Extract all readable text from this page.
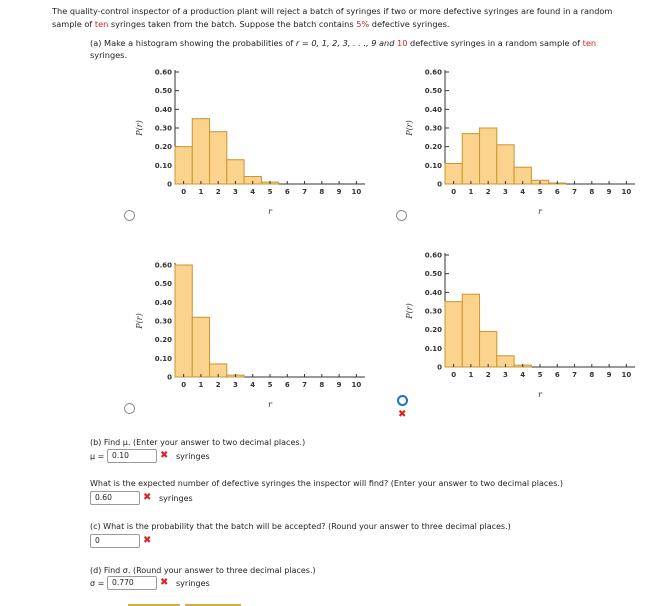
The quality-control inspector of a production plant will reject a batch of syringes if two or more defective syringes are found in a random sample of ten syringes taken from the batch. Suppose the batch contains 5% defective syringes.
(a) Make a histogram showing the probabilities of r = 0, 1, 2, 3, . . ., 9 and 10 defective syringes in a random sample of ten syringes.
0
0.10
0.20
0.30
0.40
0.50
0.60
0 1 2 3 4 5 6 7 8 9 10
P(r)
r
0
0.10
0.20
0.30
0.40
0.50
0.60
0 1 2 3 4 5 6 7 8 9 10
P(r)
r
0
0.10
0.20
0.30
0.40
0.50
0.60
0 1 2 3 4 5 6 7 8 9 10
P(r)
r
0
0.10
0.20
0.30
0.40
0.50
0.60
0 1 2 3 4 5 6 7 8 9 10
P(r)
r
✖
(b) Find μ. (Enter your answer to two decimal places.)
μ =	0.10	✖ syringes
What is the expected number of defective syringes the inspector will find? (Enter your answer to two decimal places.)
0.60	✖ syringes
(c) What is the probability that the batch will be accepted? (Round your answer to three decimal places.)
0	✖
(d) Find σ. (Round your answer to three decimal places.)
σ =	0.770	✖ syringes
